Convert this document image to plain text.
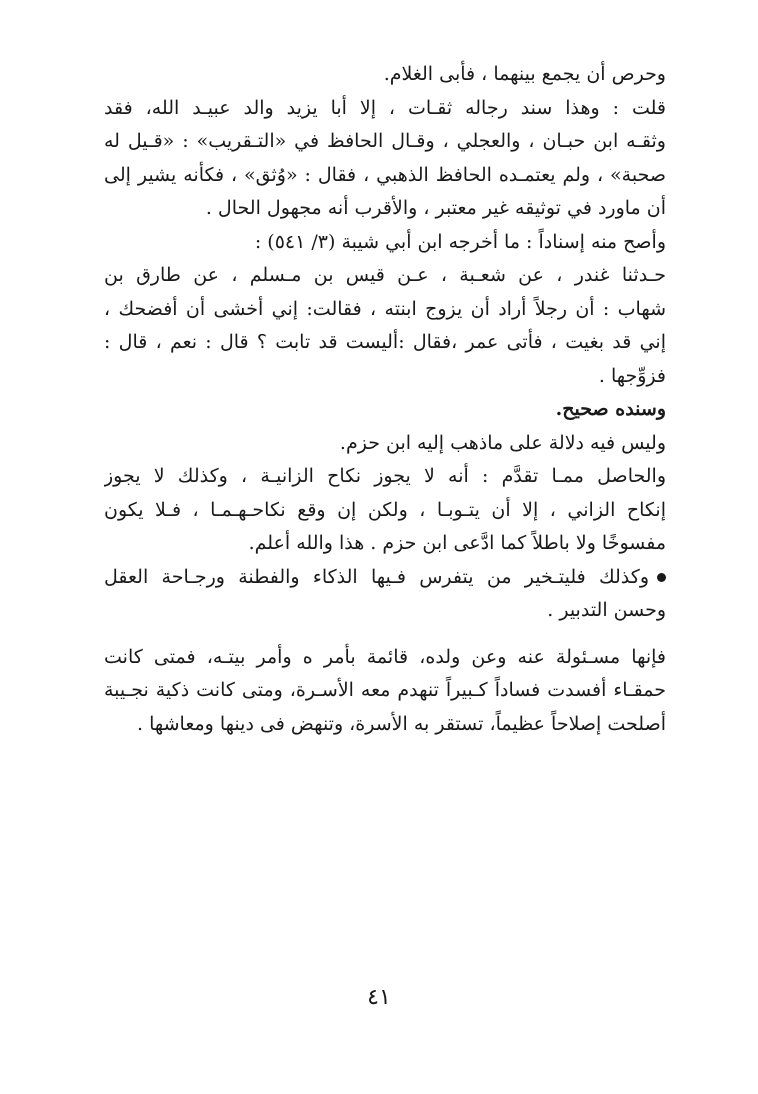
وحرص أن يجمع بينهما ، فأبى الغلام.
قلت : وهذا سند رجاله ثقـات ، إلا أبا يزيد والد عبيـد الله، فقد
وثقـه ابن حبـان ، والعجلي ، وقـال الحافظ في «التـقريب» : «قـيل له
صحبة» ، ولم يعتمـده الحافظ الذهبي ، فقال : «وُثق» ، فكأنه يشير إلى
أن ماورد في توثيقه غير معتبر ، والأقرب أنه مجهول الحال .
وأصح منه إسناداً : ما أخرجه ابن أبي شيبة (٣/ ٥٤١) :
حـدثنا غندر ، عن شعـبة ، عـن قيس بن مـسلم ، عن طارق بن
شهاب : أن رجلاً أراد أن يزوج ابنته ، فقالت: إني أخشى أن أفضحك ،
إني قد بغيت ، فأتى عمر ،فقال :أليست قد تابت ؟ قال : نعم ، قال :
فزوِّجها .
وسنده صحيح.
وليس فيه دلالة على ماذهب إليه ابن حزم.
والحاصل ممـا تقدَّم : أنه لا يجوز نكاح الزانيـة ، وكذلك لا يجوز
إنكاح الزاني ، إلا أن يتـوبـا ، ولكن إن وقع نكاحـهـمـا ، فـلا يكون
مفسوخًا ولا باطلاً كما ادَّعى ابن حزم . هذا والله أعلم.
وكذلك فليتـخير من يتفرس فـيها الذكاء والفطنة ورجـاحة العقل
وحسن التدبير .
فإنها مسـئولة عنه وعن ولده، قائمة بأمر ه وأمر بيتـه، فمتى كانت
حمقـاء أفسدت فساداً كـبيراً تنهدم معه الأسـرة، ومتى كانت ذكية نجـيبة
أصلحت إصلاحاً عظيماً، تستقر به الأسرة، وتنهض فى دينها ومعاشها .
٤١
